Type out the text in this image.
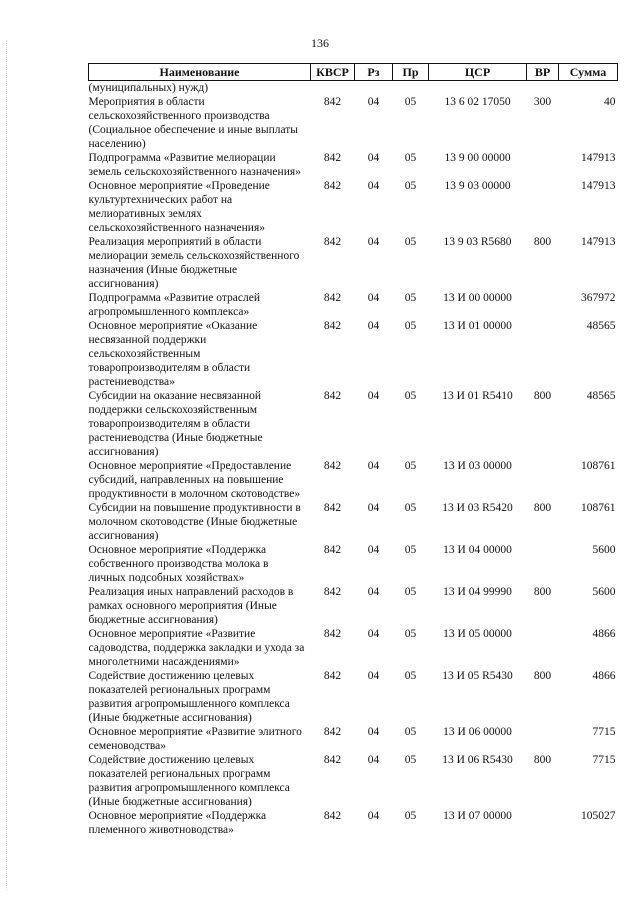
136
Наименование	КВСР	Рз	Пр	ЦСР	ВР	Сумма
(муниципальных) нужд)						
Мероприятия в области сельскохозяйственного производства (Социальное обеспечение и иные выплаты населению)	842	04	05	13 6 02 17050	300	40
Подпрограмма «Развитие мелиорации земель сельскохозяйственного назначения»	842	04	05	13 9 00 00000		147913
Основное мероприятие «Проведение культуртехнических работ на мелиоративных землях сельскохозяйственного назначения»	842	04	05	13 9 03 00000		147913
Реализация мероприятий в области мелиорации земель сельскохозяйственного назначения (Иные бюджетные ассигнования)	842	04	05	13 9 03 R5680	800	147913
Подпрограмма «Развитие отраслей агропромышленного комплекса»	842	04	05	13 И 00 00000		367972
Основное мероприятие «Оказание несвязанной поддержки сельскохозяйственным товаропроизводителям в области растениеводства»	842	04	05	13 И 01 00000		48565
Субсидии на оказание несвязанной поддержки сельскохозяйственным товаропроизводителям в области растениеводства (Иные бюджетные ассигнования)	842	04	05	13 И 01 R5410	800	48565
Основное мероприятие «Предоставление субсидий, направленных на повышение продуктивности в молочном скотоводстве»	842	04	05	13 И 03 00000		108761
Субсидии на повышение продуктивности в молочном скотоводстве (Иные бюджетные ассигнования)	842	04	05	13 И 03 R5420	800	108761
Основное мероприятие «Поддержка собственного производства молока в личных подсобных хозяйствах»	842	04	05	13 И 04 00000		5600
Реализация иных направлений расходов в рамках основного мероприятия (Иные бюджетные ассигнования)	842	04	05	13 И 04 99990	800	5600
Основное мероприятие «Развитие садоводства, поддержка закладки и ухода за многолетними насаждениями»	842	04	05	13 И 05 00000		4866
Содействие достижению целевых показателей региональных программ развития агропромышленного комплекса (Иные бюджетные ассигнования)	842	04	05	13 И 05 R5430	800	4866
Основное мероприятие «Развитие элитного семеноводства»	842	04	05	13 И 06 00000		7715
Содействие достижению целевых показателей региональных программ развития агропромышленного комплекса (Иные бюджетные ассигнования)	842	04	05	13 И 06 R5430	800	7715
Основное мероприятие «Поддержка племенного животноводства»	842	04	05	13 И 07 00000		105027
